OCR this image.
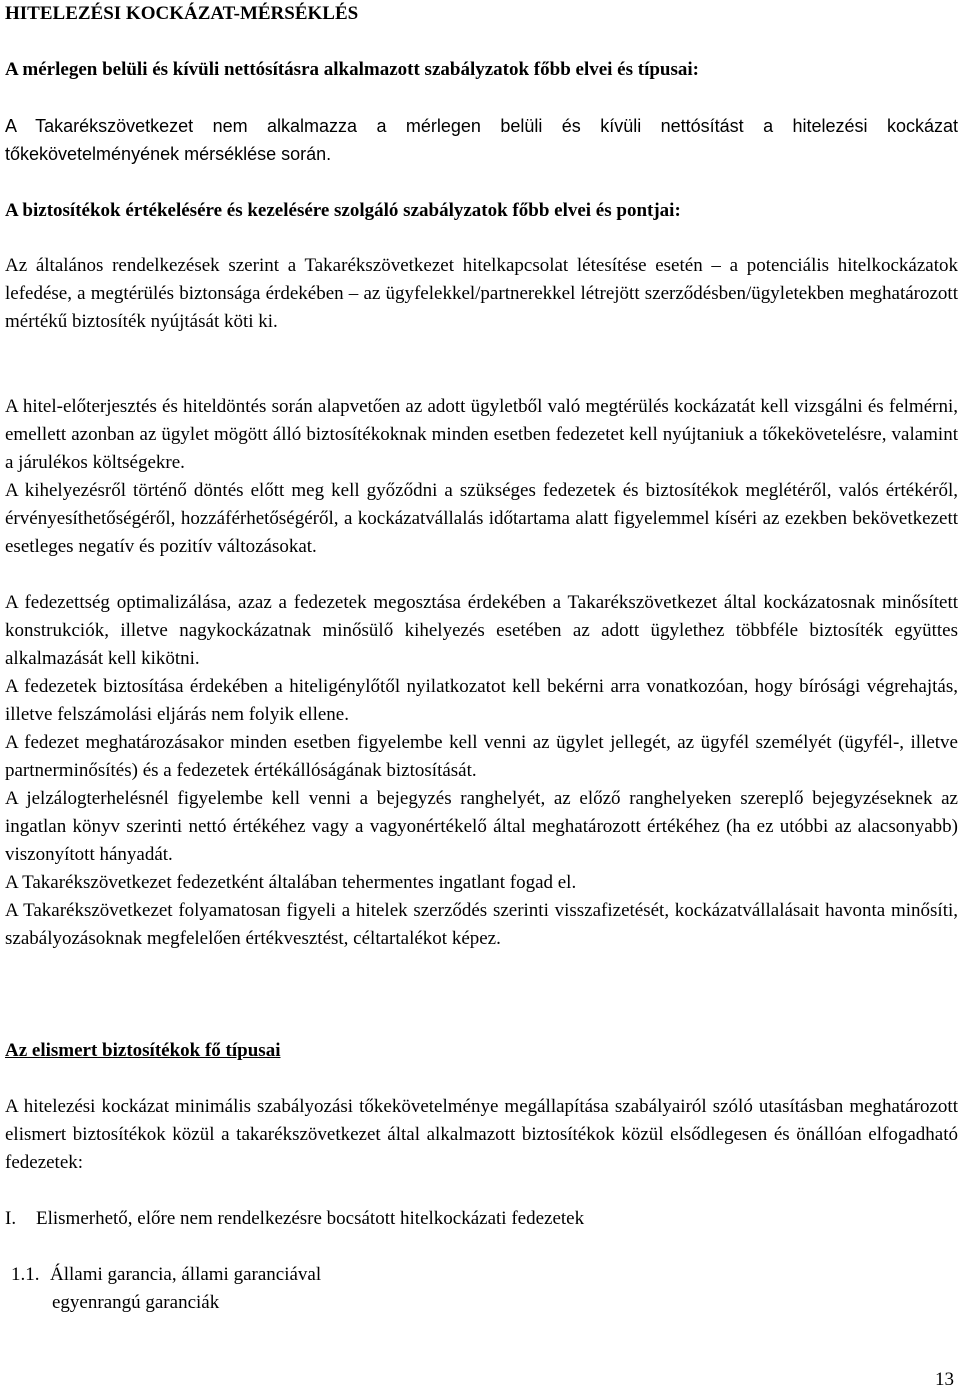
HITELEZÉSI KOCKÁZAT-MÉRSÉKLÉS
A mérlegen belüli és kívüli nettósításra alkalmazott szabályzatok főbb elvei és típusai:
A Takarékszövetkezet nem alkalmazza a mérlegen belüli és kívüli nettósítást a hitelezési kockázat tőkekövetelményének mérséklése során.
A biztosítékok értékelésére és kezelésére szolgáló szabályzatok főbb elvei és pontjai:
Az általános rendelkezések szerint a Takarékszövetkezet hitelkapcsolat létesítése esetén – a potenciális hitelkockázatok lefedése, a megtérülés biztonsága érdekében – az ügyfelekkel/partnerekkel létrejött szerződésben/ügyletekben meghatározott mértékű biztosíték nyújtását köti ki.
A hitel-előterjesztés és hiteldöntés során alapvetően az adott ügyletből való megtérülés kockázatát kell vizsgálni és felmérni, emellett azonban az ügylet mögött álló biztosítékoknak minden esetben fedezetet kell nyújtaniuk a tőkekövetelésre, valamint a járulékos költségekre.
A kihelyezésről történő döntés előtt meg kell győződni a szükséges fedezetek és biztosítékok meglétéről, valós értékéről, érvényesíthetőségéről, hozzáférhetőségéről, a kockázatvállalás időtartama alatt figyelemmel kíséri az ezekben bekövetkezett esetleges negatív és pozitív változásokat.
A fedezettség optimalizálása, azaz a fedezetek megosztása érdekében a Takarékszövetkezet által kockázatosnak minősített konstrukciók, illetve nagykockázatnak minősülő kihelyezés esetében az adott ügylethez többféle biztosíték együttes alkalmazását kell kikötni.
A fedezetek biztosítása érdekében a hiteligénylőtől nyilatkozatot kell bekérni arra vonatkozóan, hogy bírósági végrehajtás, illetve felszámolási eljárás nem folyik ellene.
A fedezet meghatározásakor minden esetben figyelembe kell venni az ügylet jellegét, az ügyfél személyét (ügyfél-, illetve partnerminősítés) és a fedezetek értékállóságának biztosítását.
A jelzálogterhelésnél figyelembe kell venni a bejegyzés ranghelyét, az előző ranghelyeken szereplő bejegyzéseknek az ingatlan könyv szerinti nettó értékéhez vagy a vagyonértékelő által meghatározott értékéhez (ha ez utóbbi az alacsonyabb) viszonyított hányadát.
A Takarékszövetkezet fedezetként általában tehermentes ingatlant fogad el.
A Takarékszövetkezet folyamatosan figyeli a hitelek szerződés szerinti visszafizetését, kockázatvállalásait havonta minősíti, szabályozásoknak megfelelően értékvesztést, céltartalékot képez.
Az elismert biztosítékok fő típusai
A hitelezési kockázat minimális szabályozási tőkekövetelménye megállapítása szabályairól szóló utasításban meghatározott elismert biztosítékok közül a takarékszövetkezet által alkalmazott biztosítékok közül elsődlegesen és önállóan elfogadható fedezetek:
I. Elismerhető, előre nem rendelkezésre bocsátott hitelkockázati fedezetek
1.1. Állami garancia, állami garanciával
egyenrangú garanciák
13
